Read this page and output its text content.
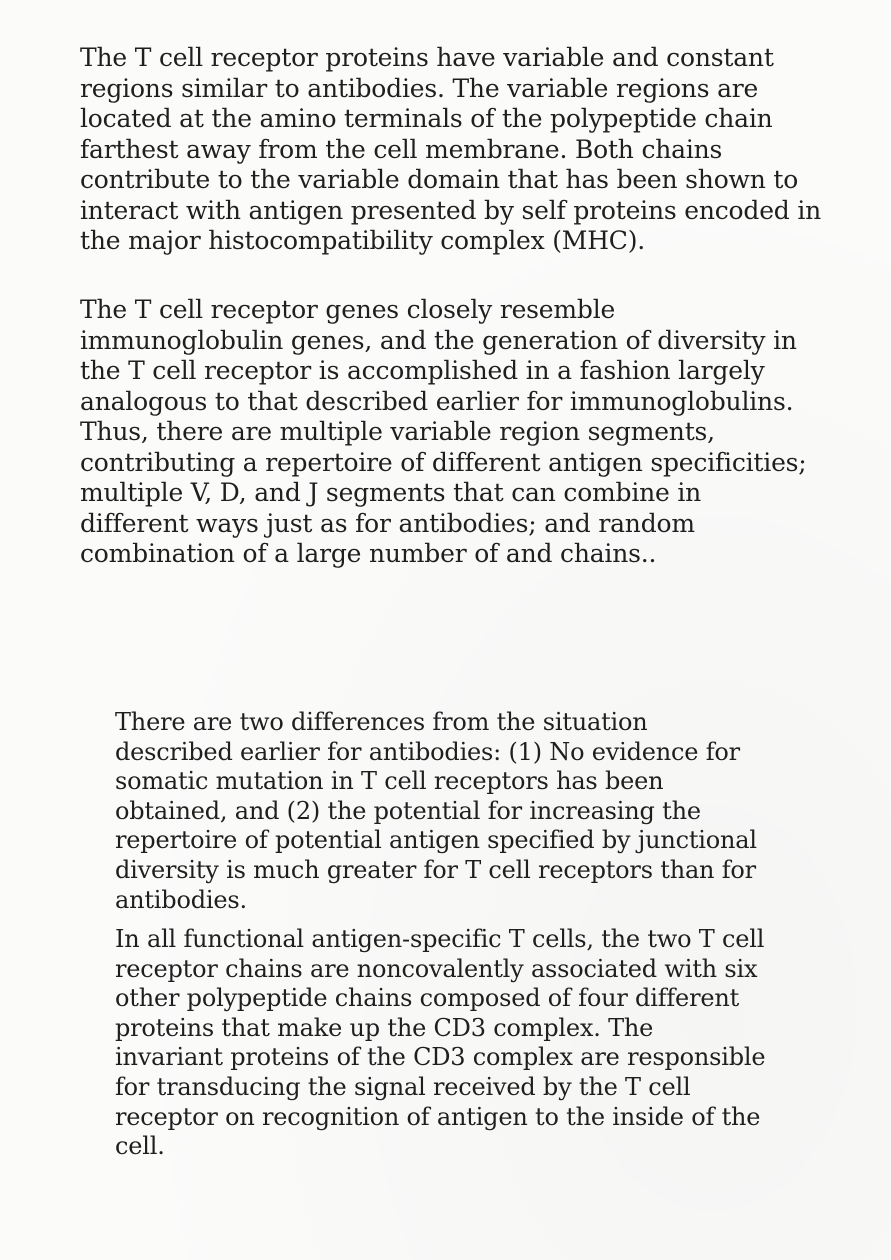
The T cell receptor proteins have variable and constant
regions similar to antibodies. The variable regions are
located at the amino terminals of the polypeptide chain
farthest away from the cell membrane. Both chains
contribute to the variable domain that has been shown to
interact with antigen presented by self proteins encoded in
the major histocompatibility complex (MHC).

The T cell receptor genes closely resemble
immunoglobulin genes, and the generation of diversity in
the T cell receptor is accomplished in a fashion largely
analogous to that described earlier for immunoglobulins.
Thus, there are multiple variable region segments,
contributing a repertoire of different antigen specificities;
multiple V, D, and J segments that can combine in
different ways just as for antibodies; and random
combination of a large number of and chains..

There are two differences from the situation
described earlier for antibodies: (1) No evidence for
somatic mutation in T cell receptors has been
obtained, and (2) the potential for increasing the
repertoire of potential antigen specified by junctional
diversity is much greater for T cell receptors than for
antibodies.

In all functional antigen-specific T cells, the two T cell
receptor chains are noncovalently associated with six
other polypeptide chains composed of four different
proteins that make up the CD3 complex. The
invariant proteins of the CD3 complex are responsible
for transducing the signal received by the T cell
receptor on recognition of antigen to the inside of the
cell.
